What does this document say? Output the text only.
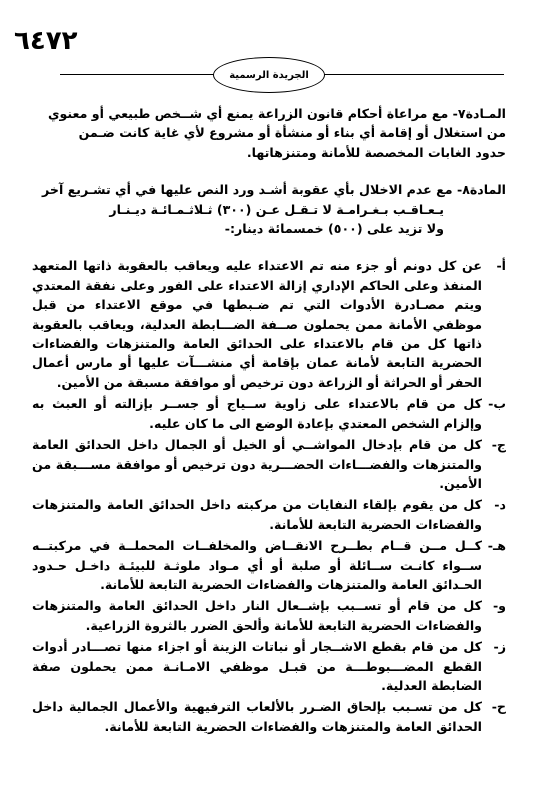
٦٤٧٢
الجريدة الرسمية

المـادة٧- مع مراعاة أحكام قانون الزراعة يمنع أي شــخص طبيعي أو معنوي

من استغلال أو إقامة أي بناء أو منشأة أو مشروع لأي غاية كانت ضـمن

حدود الغابات المخصصة للأمانة ومتنزهاتها.

المادة٨- مع عدم الاخلال بأي عقوبة أشـد ورد النص عليها في أي تشـريع آخر

يـعـاقـب بـغـرامـة لا تـقـل عـن (٣٠٠) ثـلاثـمـائـة ديـنـار

ولا تزيد على (٥٠٠) خمسمائة دينار:-

أ-
عن كل دونم أو جزء منه تم الاعتداء عليه ويعاقب بالعقوبة ذاتها المتعهد المنفذ وعلى الحاكم الإداري إزالة الاعتداء على الفور وعلى نفقة المعتدي ويتم مصـادرة الأدوات التي تم ضـبطها في موقع الاعتداء من قبل موظفي الأمانة ممن يحملون صــفة الضـــابطة العدلية، ويعاقب بالعقوبة ذاتها كل من قام بالاعتداء على الحدائق العامة والمتنزهات والفضاءات الحضرية التابعة لأمانة عمان بإقامة أي منشـــآت عليها أو مارس أعمال الحفر أو الحراثة أو الزراعة دون ترخيص أو موافقة مسبقة من الأمين.
ب-
كل من قام بالاعتداء على زاوية ســياج أو جســر بإزالته أو العبث به وإلزام الشخص المعتدي بإعادة الوضع الى ما كان عليه.
ج-
كل من قام بإدخال المواشــي أو الخيل أو الجمال داخل الحدائق العامة والمتنزهات والفضـــاءات الحضـــرية دون ترخيص أو موافقة مســـبقة من الأمين.
د-
كل من يقوم بإلقاء النفايات من مركبته داخل الحدائق العامة والمتنزهات والفضاءات الحضرية التابعة للأمانة.
هـ-
كــل مــن قــام بطــرح الانقــاض والمخلفــات المحملــة في مركبتــه ســواء كانـت ســائلة أو صلبة أو أي مـواد ملوثـة للبيئـة داخـل حـدود الحـدائق العامة والمتنزهات والفضاءات الحضرية التابعة للأمانة.
و-
كل من قام أو تســبب بإشــعال النار داخل الحدائق العامة والمتنزهات والفضاءات الحضرية التابعة للأمانة وألحق الضرر بالثروة الزراعية.
ز-
كل من قام بقطع الاشــجار أو نباتات الزينة أو اجزاء منها تصـــادر أدوات القطع المضـــبوطـــة من قبـل موظفي الامـانـة ممن يحملون صفة الضابطة العدلية.
ح-
كل من تسـبب بإلحاق الضـرر بالألعاب الترفيهية والأعمال الجمالية داخل الحدائق العامة والمتنزهات والفضاءات الحضرية التابعة للأمانة.
